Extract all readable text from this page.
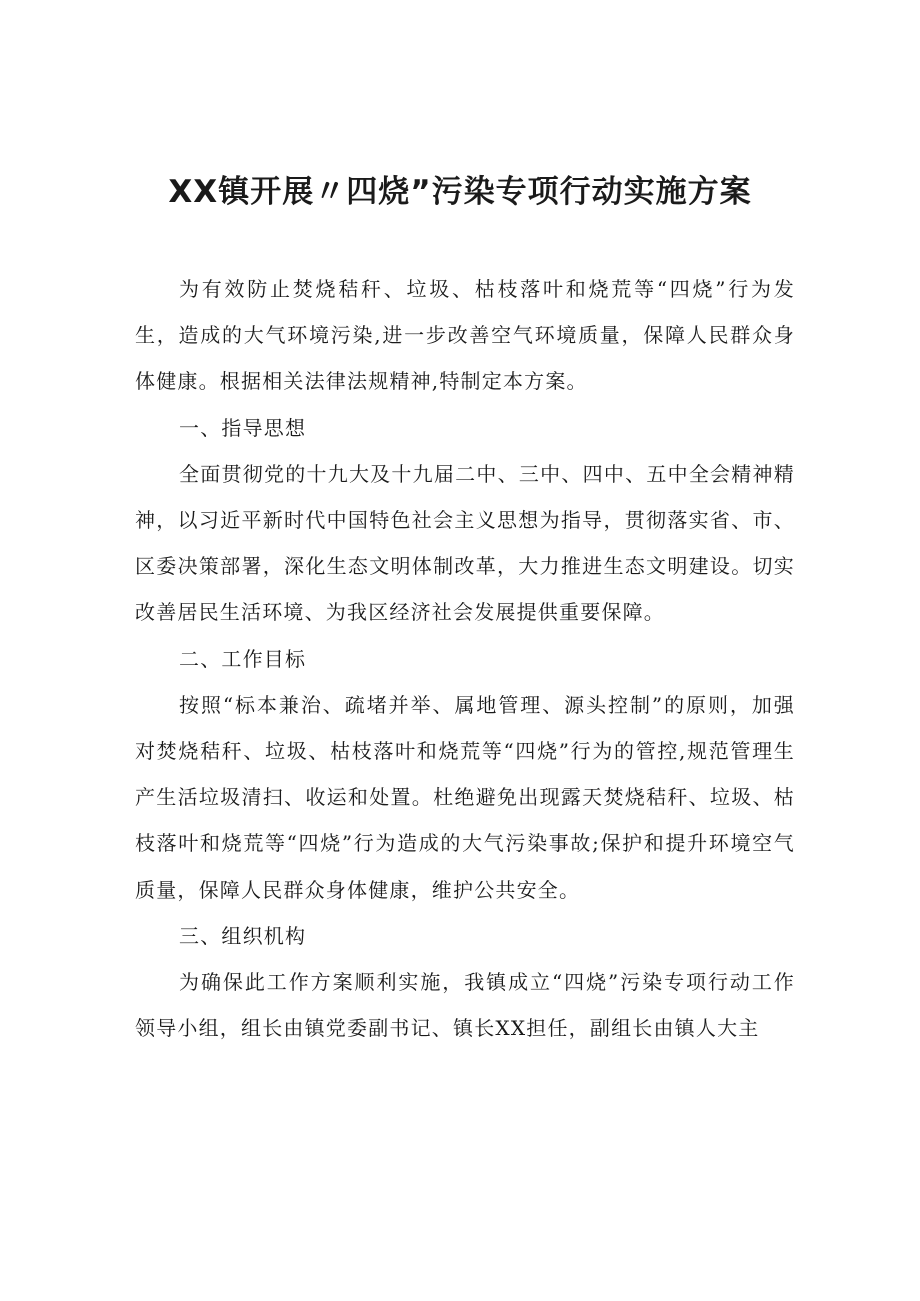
XX镇开展〃四烧”污染专项行动实施方案

为有效防止焚烧秸秆、垃圾、枯枝落叶和烧荒等“四烧”行为发生，造成的大气环境污染,进一步改善空气环境质量，保障人民群众身体健康。根据相关法律法规精神,特制定本方案。

一、指导思想

全面贯彻党的十九大及十九届二中、三中、四中、五中全会精神精神，以习近平新时代中国特色社会主义思想为指导，贯彻落实省、市、区委决策部署，深化生态文明体制改革，大力推进生态文明建设。切实改善居民生活环境、为我区经济社会发展提供重要保障。

二、工作目标

按照“标本兼治、疏堵并举、属地管理、源头控制”的原则，加强对焚烧秸秆、垃圾、枯枝落叶和烧荒等“四烧”行为的管控,规范管理生产生活垃圾清扫、收运和处置。杜绝避免出现露天焚烧秸秆、垃圾、枯枝落叶和烧荒等“四烧”行为造成的大气污染事故;保护和提升环境空气质量，保障人民群众身体健康，维护公共安全。

三、组织机构

为确保此工作方案顺利实施，我镇成立“四烧”污染专项行动工作领导小组，组长由镇党委副书记、镇长XX担任，副组长由镇人大主
